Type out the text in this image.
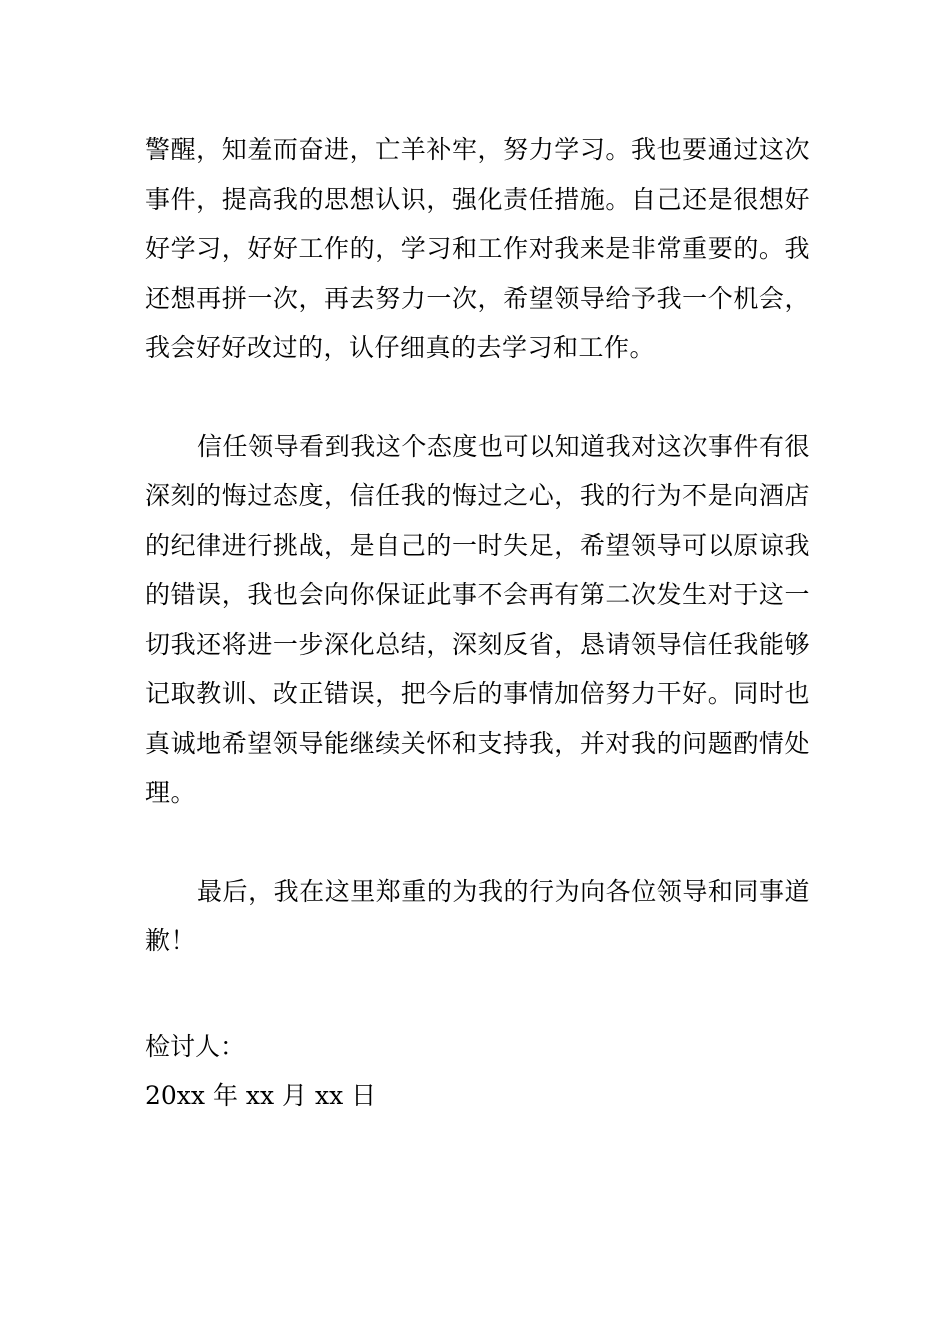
警醒，知羞而奋进，亡羊补牢，努力学习。我也要通过这次事件，提高我的思想认识，强化责任措施。自己还是很想好好学习，好好工作的，学习和工作对我来是非常重要的。我还想再拼一次，再去努力一次，希望领导给予我一个机会，我会好好改过的，认仔细真的去学习和工作。

信任领导看到我这个态度也可以知道我对这次事件有很深刻的悔过态度，信任我的悔过之心，我的行为不是向酒店的纪律进行挑战，是自己的一时失足，希望领导可以原谅我的错误，我也会向你保证此事不会再有第二次发生对于这一切我还将进一步深化总结，深刻反省，恳请领导信任我能够记取教训、改正错误，把今后的事情加倍努力干好。同时也真诚地希望领导能继续关怀和支持我，并对我的问题酌情处理。

最后，我在这里郑重的为我的行为向各位领导和同事道歉！

检讨人：

20xx 年 xx 月 xx 日
